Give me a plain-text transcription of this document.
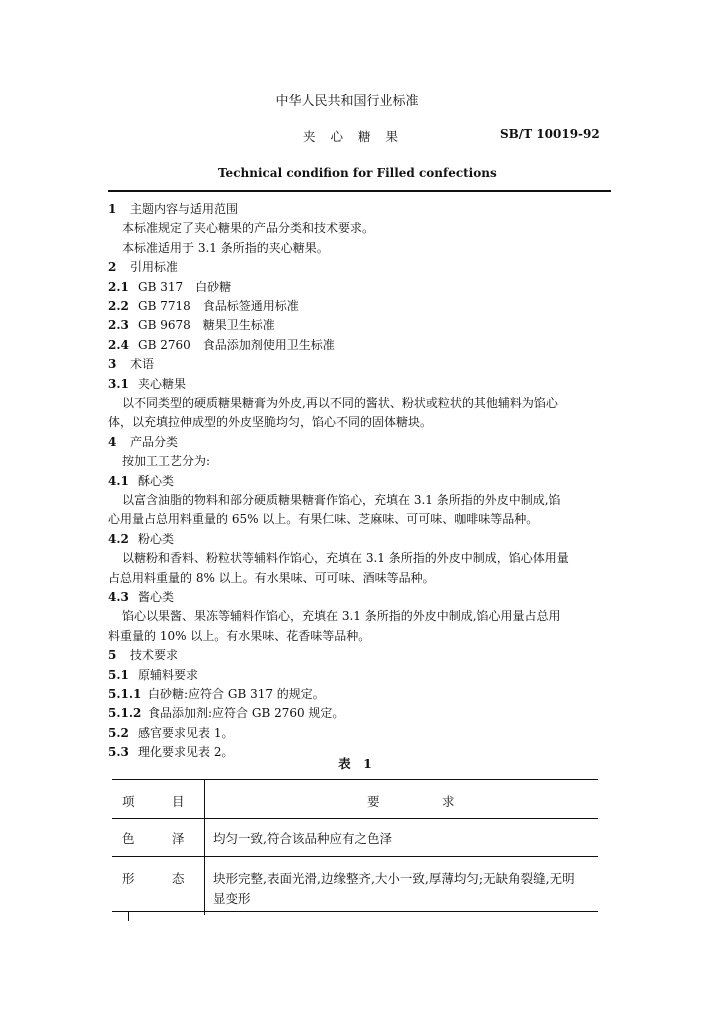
中华人民共和国行业标准
夹 心 糖 果	SB/T 10019-92
Technical condifion for Filled confections
1 主题内容与适用范围
本标准规定了夹心糖果的产品分类和技术要求。
本标准适用于 3.1 条所指的夹心糖果。
2 引用标准
2.1 GB 317　白砂糖
2.2 GB 7718　食品标签通用标准
2.3 GB 9678　糖果卫生标准
2.4 GB 2760　食品添加剂使用卫生标准
3 术语
3.1 夹心糖果
以不同类型的硬质糖果糖膏为外皮,再以不同的酱状、粉状或粒状的其他辅料为馅心
体，以充填拉伸成型的外皮坚脆均匀，馅心不同的固体糖块。
4 产品分类
按加工工艺分为:
4.1 酥心类
以富含油脂的物料和部分硬质糖果糖膏作馅心，充填在 3.1 条所指的外皮中制成,馅
心用量占总用料重量的 65% 以上。有果仁味、芝麻味、可可味、咖啡味等品种。
4.2 粉心类
以糖粉和香料、粉粒状等辅料作馅心，充填在 3.1 条所指的外皮中制成，馅心体用量
占总用料重量的 8% 以上。有水果味、可可味、酒味等品种。
4.3 酱心类
馅心以果酱、果冻等辅料作馅心，充填在 3.1 条所指的外皮中制成,馅心用量占总用
料重量的 10% 以上。有水果味、花香味等品种。
5 技术要求
5.1 原辅料要求
5.1.1 白砂糖:应符合 GB 317 的规定。
5.1.2 食品添加剂:应符合 GB 2760 规定。
5.2 感官要求见表 1。
5.3 理化要求见表 2。
表　1
项　　　目	要　　　　　求
色　　　泽 均匀一致,符合该品种应有之色泽
形　　　态 块形完整,表面光滑,边缘整齐,大小一致,厚薄均匀;无缺角裂缝,无明
显变形
